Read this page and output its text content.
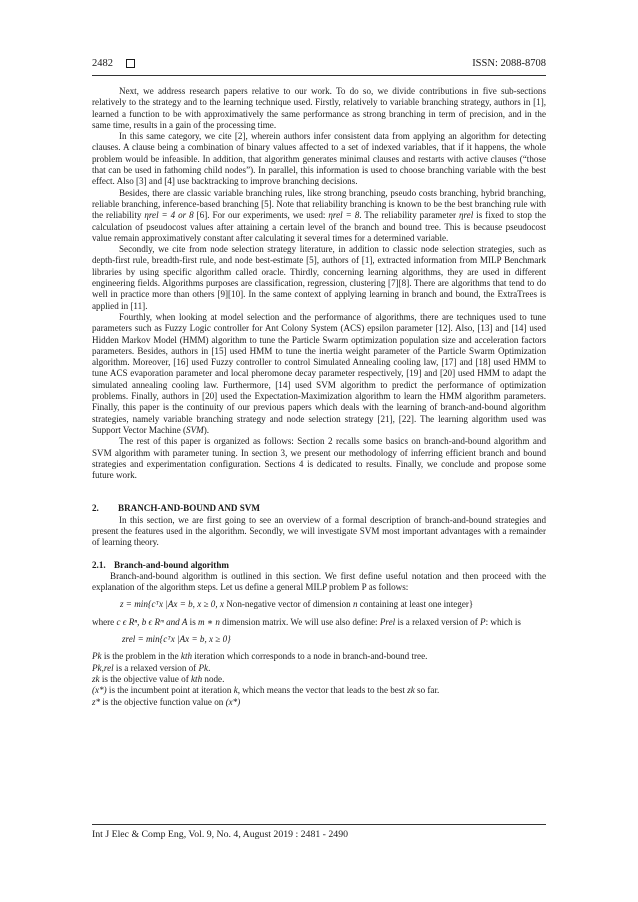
2482	ISSN: 2088-8708

Next, we address research papers relative to our work. To do so, we divide contributions in five sub-sections relatively to the strategy and to the learning technique used. Firstly, relatively to variable branching strategy, authors in [1], learned a function to be with approximatively the same performance as strong branching in term of precision, and in the same time, results in a gain of the processing time.

In this same category, we cite [2], wherein authors infer consistent data from applying an algorithm for detecting clauses. A clause being a combination of binary values affected to a set of indexed variables, that if it happens, the whole problem would be infeasible. In addition, that algorithm generates minimal clauses and restarts with active clauses (“those that can be used in fathoming child nodes”). In parallel, this information is used to choose branching variable with the best effect. Also [3] and [4] use backtracking to improve branching decisions.

Besides, there are classic variable branching rules, like strong branching, pseudo costs branching, hybrid branching, reliable branching, inference-based branching [5]. Note that reliability branching is known to be the best branching rule with the reliability ηrel = 4 or 8 [6]. For our experiments, we used: ηrel = 8. The reliability parameter ηrel is fixed to stop the calculation of pseudocost values after attaining a certain level of the branch and bound tree. This is because pseudocost value remain approximatively constant after calculating it several times for a determined variable.

Secondly, we cite from node selection strategy literature, in addition to classic node selection strategies, such as depth-first rule, breadth-first rule, and node best-estimate [5], authors of [1], extracted information from MILP Benchmark libraries by using specific algorithm called oracle. Thirdly, concerning learning algorithms, they are used in different engineering fields. Algorithms purposes are classification, regression, clustering [7][8]. There are algorithms that tend to do well in practice more than others [9][10]. In the same context of applying learning in branch and bound, the ExtraTrees is applied in [11].

Fourthly, when looking at model selection and the performance of algorithms, there are techniques used to tune parameters such as Fuzzy Logic controller for Ant Colony System (ACS) epsilon parameter [12]. Also, [13] and [14] used Hidden Markov Model (HMM) algorithm to tune the Particle Swarm optimization population size and acceleration factors parameters. Besides, authors in [15] used HMM to tune the inertia weight parameter of the Particle Swarm Optimization algorithm. Moreover, [16] used Fuzzy controller to control Simulated Annealing cooling law, [17] and [18] used HMM to tune ACS evaporation parameter and local pheromone decay parameter respectively, [19] and [20] used HMM to adapt the simulated annealing cooling law. Furthermore, [14] used SVM algorithm to predict the performance of optimization problems. Finally, authors in [20] used the Expectation-Maximization algorithm to learn the HMM algorithm parameters. Finally, this paper is the continuity of our previous papers which deals with the learning of branch-and-bound algorithm strategies, namely variable branching strategy and node selection strategy [21], [22]. The learning algorithm used was Support Vector Machine (SVM).

The rest of this paper is organized as follows: Section 2 recalls some basics on branch-and-bound algorithm and SVM algorithm with parameter tuning. In section 3, we present our methodology of inferring efficient branch and bound strategies and experimentation configuration. Sections 4 is dedicated to results. Finally, we conclude and propose some future work.

2. BRANCH-AND-BOUND AND SVM

In this section, we are first going to see an overview of a formal description of branch-and-bound strategies and present the features used in the algorithm. Secondly, we will investigate SVM most important advantages with a remainder of learning theory.

2.1. Branch-and-bound algorithm

Branch-and-bound algorithm is outlined in this section. We first define useful notation and then proceed with the explanation of the algorithm steps. Let us define a general MILP problem P as follows:

z = min{cᵀx |Ax = b, x ≥ 0, x Non-negative vector of dimension n containing at least one integer}

where c ϵ Rⁿ, b ϵ Rᵐ and A is m ∗ n dimension matrix. We will use also define: Prel is a relaxed version of P: which is

zrel = min{cᵀx |Ax = b, x ≥ 0}

Pk is the problem in the kth iteration which corresponds to a node in branch-and-bound tree.

Pk,rel is a relaxed version of Pk.

zk is the objective value of kth node.

(x*) is the incumbent point at iteration k, which means the vector that leads to the best zk so far.

z* is the objective function value on (x*)

Int J Elec & Comp Eng, Vol. 9, No. 4, August 2019 : 2481 - 2490
